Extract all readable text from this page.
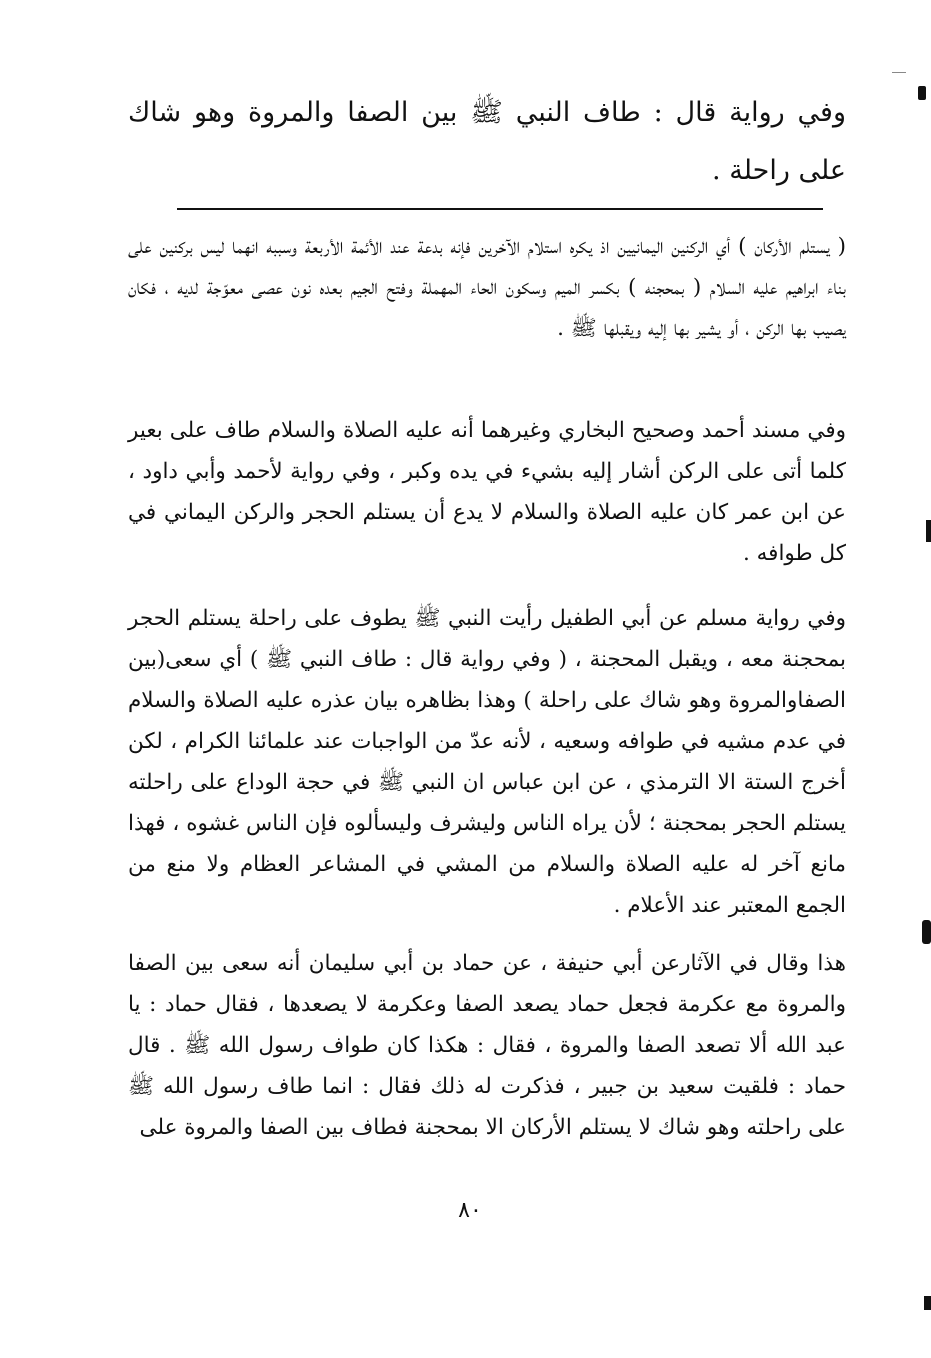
وفي رواية قال : طاف النبي ﷺ بين الصفا والمروة وهو شاك على راحلة .

( يستلم الأركان ) أي الركنين اليمانيين اذ يكره استلام الآخرين فإنه بدعة عند الأئمة الأربعة وسببه انهما ليس بركنين على بناء ابراهيم عليه السلام ( بمحجنه ) بكسر الميم وسكون الحاء المهملة وفتح الجيم بعده نون عصى معوّجة لديه ، فكان يصيب بها الركن ، أو يشير بها إليه ويقبلها ﷺ .

وفي مسند أحمد وصحيح البخاري وغيرهما أنه عليه الصلاة والسلام طاف على بعير كلما أتى على الركن أشار إليه بشيء في يده وكبر ، وفي رواية لأحمد وأبي داود ، عن ابن عمر كان عليه الصلاة والسلام لا يدع أن يستلم الحجر والركن اليماني في كل طوافه .

وفي رواية مسلم عن أبي الطفيل رأيت النبي ﷺ يطوف على راحلة يستلم الحجر بمحجنة معه ، ويقبل المحجنة ، ( وفي رواية قال : طاف النبي ﷺ ) أي سعى(بين الصفاوالمروة وهو شاك على راحلة ) وهذا بظاهره بيان عذره عليه الصلاة والسلام في عدم مشيه في طوافه وسعيه ، لأنه عدّ من الواجبات عند علمائنا الكرام ، لكن أخرج الستة الا الترمذي ، عن ابن عباس ان النبي ﷺ في حجة الوداع على راحلته يستلم الحجر بمحجنة ؛ لأن يراه الناس وليشرف وليسألوه فإن الناس غشوه ، فهذا مانع آخر له عليه الصلاة والسلام من المشي في المشاعر العظام ولا منع من الجمع المعتبر عند الأعلام .

هذا وقال في الآثارعن أبي حنيفة ، عن حماد بن أبي سليمان أنه سعى بين الصفا والمروة مع عكرمة فجعل حماد يصعد الصفا وعكرمة لا يصعدها ، فقال حماد : يا عبد الله ألا تصعد الصفا والمروة ، فقال : هكذا كان طواف رسول الله ﷺ . قال حماد : فلقيت سعيد بن جبير ، فذكرت له ذلك فقال : انما طاف رسول الله ﷺ على راحلته وهو شاك لا يستلم الأركان الا بمحجنة فطاف بين الصفا والمروة على

٨٠
